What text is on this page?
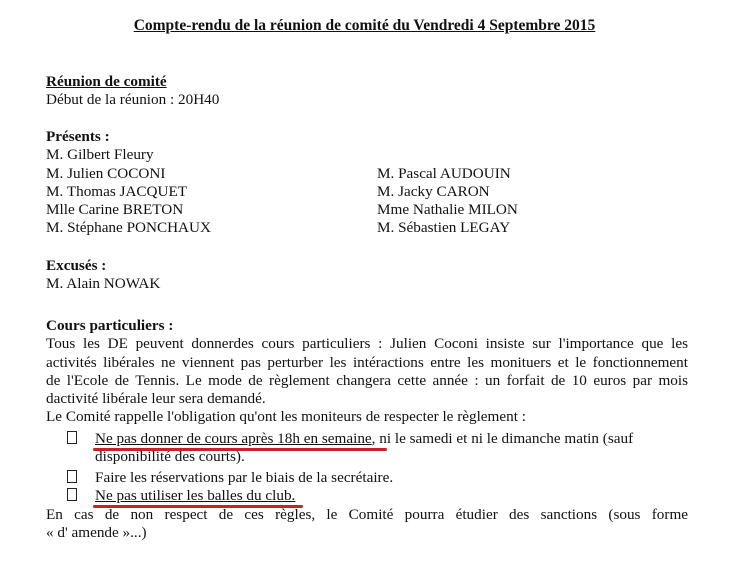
Compte-rendu de la réunion de comité du Vendredi 4 Septembre 2015
Réunion de comité
Début de la réunion : 20H40
Présents :
M. Gilbert Fleury
M. Julien COCONI
M. Thomas JACQUET
Mlle Carine BRETON
M. Stéphane PONCHAUX
M. Pascal AUDOUIN
M. Jacky CARON
Mme Nathalie MILON
M. Sébastien LEGAY
Excusés :
M. Alain NOWAK
Cours particuliers :
Tous les DE peuvent donnerdes cours particuliers : Julien Coconi insiste sur l'importance que les
activités libérales ne viennent pas perturber les intéractions entre les monituers et le fonctionnement
de l'Ecole de Tennis. Le mode de règlement changera cette année : un forfait de 10 euros par mois
dactivité libérale leur sera demandé.
Le Comité rappelle l'obligation qu'ont les moniteurs de respecter le règlement :
Ne pas donner de cours après 18h en semaine, ni le samedi et ni le dimanche matin (sauf
disponibilité des courts).
Faire les réservations par le biais de la secrétaire.
Ne pas utiliser les balles du club.
En cas de non respect de ces règles, le Comité pourra étudier des sanctions (sous forme
« d' amende »...)
